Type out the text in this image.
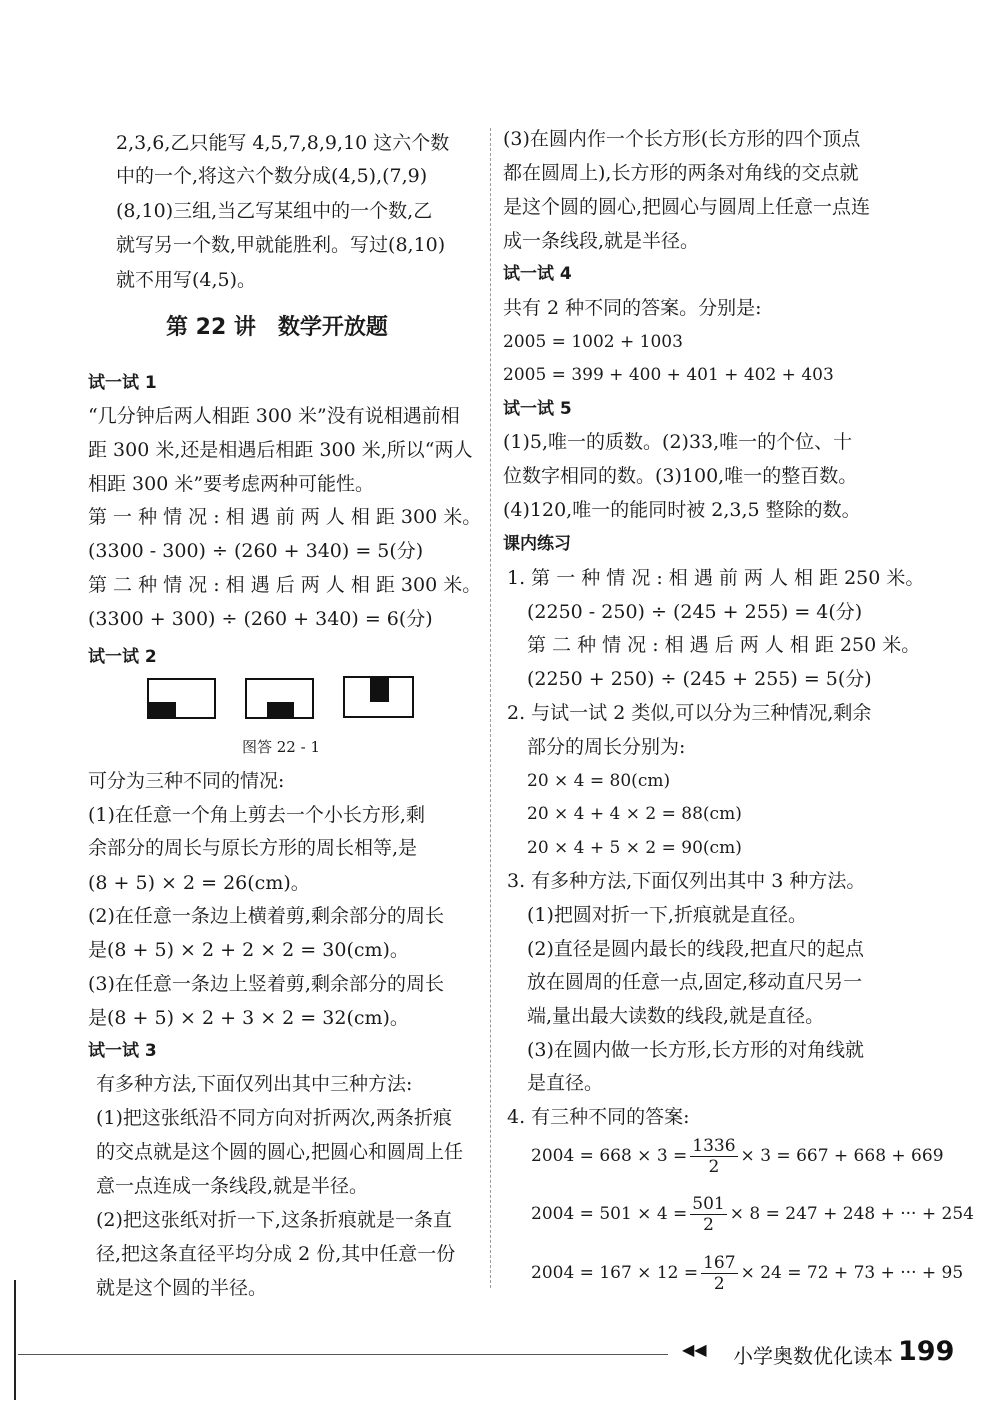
2,3,6,乙只能写 4,5,7,8,9,10 这六个数
中的一个,将这六个数分成(4,5),(7,9)
(8,10)三组,当乙写某组中的一个数,乙
就写另一个数,甲就能胜利。写过(8,10)
就不用写(4,5)。
第 22 讲　数学开放题
试一试 1
“几分钟后两人相距 300 米”没有说相遇前相
距 300 米,还是相遇后相距 300 米,所以“两人
相距 300 米”要考虑两种可能性。
第 一 种 情 况 : 相 遇 前 两 人 相 距 300 米。
(3300 - 300) ÷ (260 + 340) = 5(分)
第 二 种 情 况 : 相 遇 后 两 人 相 距 300 米。
(3300 + 300) ÷ (260 + 340) = 6(分)
试一试 2
图答 22 - 1
可分为三种不同的情况:
(1)在任意一个角上剪去一个小长方形,剩
余部分的周长与原长方形的周长相等,是
(8 + 5) × 2 = 26(cm)。
(2)在任意一条边上横着剪,剩余部分的周长
是(8 + 5) × 2 + 2 × 2 = 30(cm)。
(3)在任意一条边上竖着剪,剩余部分的周长
是(8 + 5) × 2 + 3 × 2 = 32(cm)。
试一试 3
有多种方法,下面仅列出其中三种方法:
(1)把这张纸沿不同方向对折两次,两条折痕
的交点就是这个圆的圆心,把圆心和圆周上任
意一点连成一条线段,就是半径。
(2)把这张纸对折一下,这条折痕就是一条直
径,把这条直径平均分成 2 份,其中任意一份
就是这个圆的半径。
(3)在圆内作一个长方形(长方形的四个顶点
都在圆周上),长方形的两条对角线的交点就
是这个圆的圆心,把圆心与圆周上任意一点连
成一条线段,就是半径。
试一试 4
共有 2 种不同的答案。分别是:
2005 = 1002 + 1003
2005 = 399 + 400 + 401 + 402 + 403
试一试 5
(1)5,唯一的质数。(2)33,唯一的个位、十
位数字相同的数。(3)100,唯一的整百数。
(4)120,唯一的能同时被 2,3,5 整除的数。
课内练习
1. 第 一 种 情 况 : 相 遇 前 两 人 相 距 250 米。
(2250 - 250) ÷ (245 + 255) = 4(分)
第 二 种 情 况 : 相 遇 后 两 人 相 距 250 米。
(2250 + 250) ÷ (245 + 255) = 5(分)
2. 与试一试 2 类似,可以分为三种情况,剩余
部分的周长分别为:
20 × 4 = 80(cm)
20 × 4 + 4 × 2 = 88(cm)
20 × 4 + 5 × 2 = 90(cm)
3. 有多种方法,下面仅列出其中 3 种方法。
(1)把圆对折一下,折痕就是直径。
(2)直径是圆内最长的线段,把直尺的起点
放在圆周的任意一点,固定,移动直尺另一
端,量出最大读数的线段,就是直径。
(3)在圆内做一长方形,长方形的对角线就
是直径。
4. 有三种不同的答案:
$2004 = 668 \times 3 = \frac{1336}{2} \times 3 = 667 + 668 + 669$
$2004 = 501 \times 4 = \frac{501}{2} \times 8 = 247 + 248$ + ··· + 254
$2004 = 167 \times 12 = \frac{167}{2} \times 24 = 72 + 73$ + ··· + 95
◀◀ 小学奥数优化读本 199
